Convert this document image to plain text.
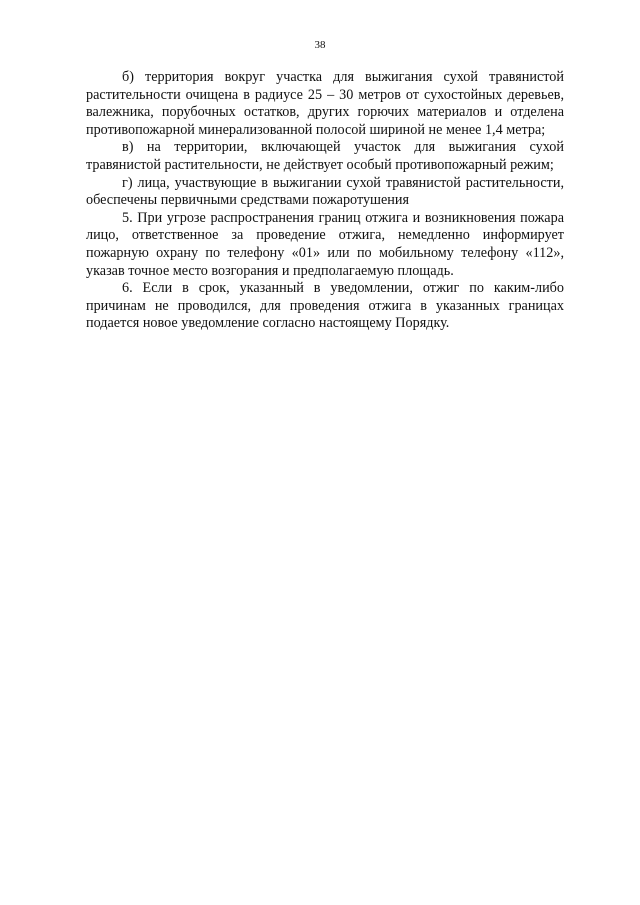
38

б) территория вокруг участка для выжигания сухой травянистой растительности очищена в радиусе 25 – 30 метров от сухостойных деревьев, валежника, порубочных остатков, других горючих материалов и отделена противопожарной минерализованной полосой шириной не менее 1,4 метра;

в) на территории, включающей участок для выжигания сухой травянистой растительности, не действует особый противопожарный режим;

г) лица, участвующие в выжигании сухой травянистой растительности, обеспечены первичными средствами пожаротушения

5. При угрозе распространения границ отжига и возникновения пожара лицо, ответственное за проведение отжига, немедленно информирует пожарную охрану по телефону «01» или по мобильному телефону «112», указав точное место возгорания и предполагаемую площадь.

6. Если в срок, указанный в уведомлении, отжиг по каким-либо причинам не проводился, для проведения отжига в указанных границах подается новое уведомление согласно настоящему Порядку.
